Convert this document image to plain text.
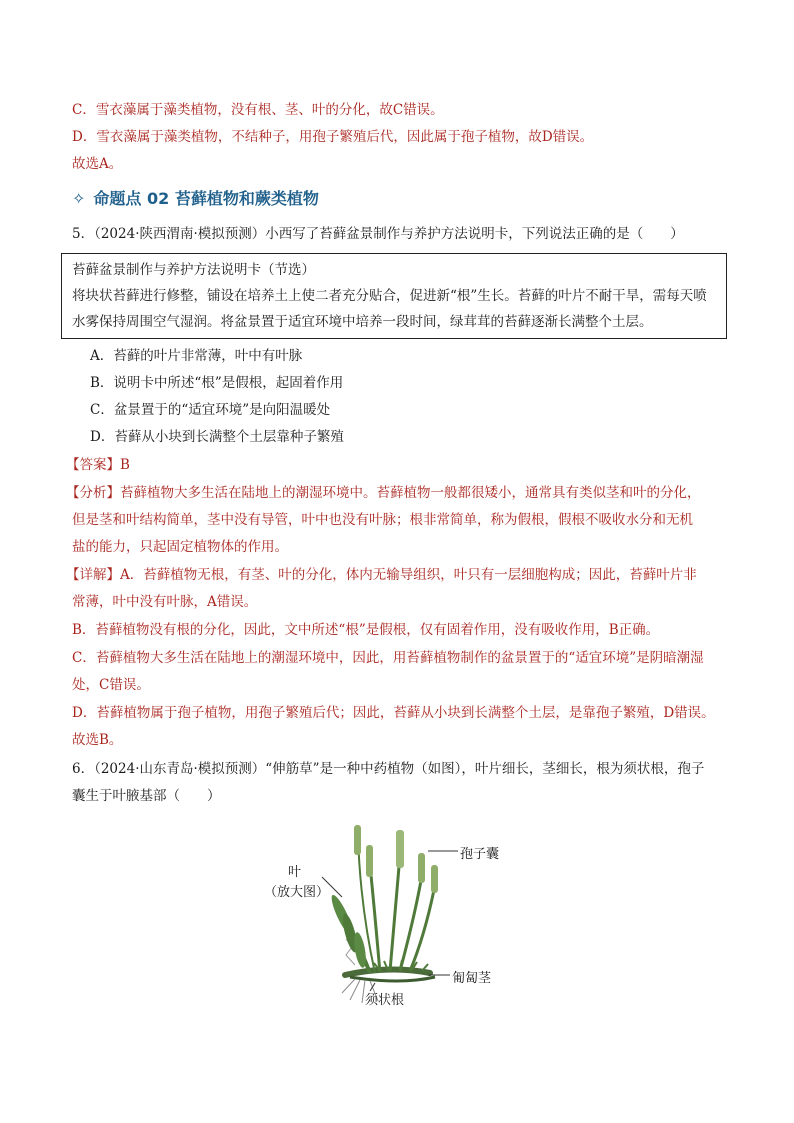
C．雪衣藻属于藻类植物，没有根、茎、叶的分化，故C错误。
D．雪衣藻属于藻类植物，不结种子，用孢子繁殖后代，因此属于孢子植物，故D错误。
故选A。
✧ 命题点 02 苔藓植物和蕨类植物
5．（2024·陕西渭南·模拟预测）小西写了苔藓盆景制作与养护方法说明卡，下列说法正确的是（　　）
苔藓盆景制作与养护方法说明卡（节选）
将块状苔藓进行修整，铺设在培养土上使二者充分贴合，促进新“根”生长。苔藓的叶片不耐干旱，需每天喷
水雾保持周围空气湿润。将盆景置于适宜环境中培养一段时间，绿茸茸的苔藓逐渐长满整个土层。
A．苔藓的叶片非常薄，叶中有叶脉
B．说明卡中所述“根”是假根，起固着作用
C．盆景置于的“适宜环境”是向阳温暖处
D．苔藓从小块到长满整个土层靠种子繁殖
【答案】B
【分析】苔藓植物大多生活在陆地上的潮湿环境中。苔藓植物一般都很矮小，通常具有类似茎和叶的分化，
但是茎和叶结构简单，茎中没有导管，叶中也没有叶脉；根非常简单，称为假根，假根不吸收水分和无机
盐的能力，只起固定植物体的作用。
【详解】A．苔藓植物无根，有茎、叶的分化，体内无输导组织，叶只有一层细胞构成；因此，苔藓叶片非
常薄，叶中没有叶脉，A错误。
B．苔藓植物没有根的分化，因此，文中所述“根”是假根，仅有固着作用，没有吸收作用，B正确。
C．苔藓植物大多生活在陆地上的潮湿环境中，因此，用苔藓植物制作的盆景置于的“适宜环境”是阴暗潮湿
处，C错误。
D．苔藓植物属于孢子植物，用孢子繁殖后代；因此，苔藓从小块到长满整个土层，是靠孢子繁殖，D错误。
故选B。
6．（2024·山东青岛·模拟预测）“伸筋草”是一种中药植物（如图），叶片细长，茎细长，根为须状根，孢子
囊生于叶腋基部（　　）
叶
（放大图）
孢子囊
匍匐茎
须状根
